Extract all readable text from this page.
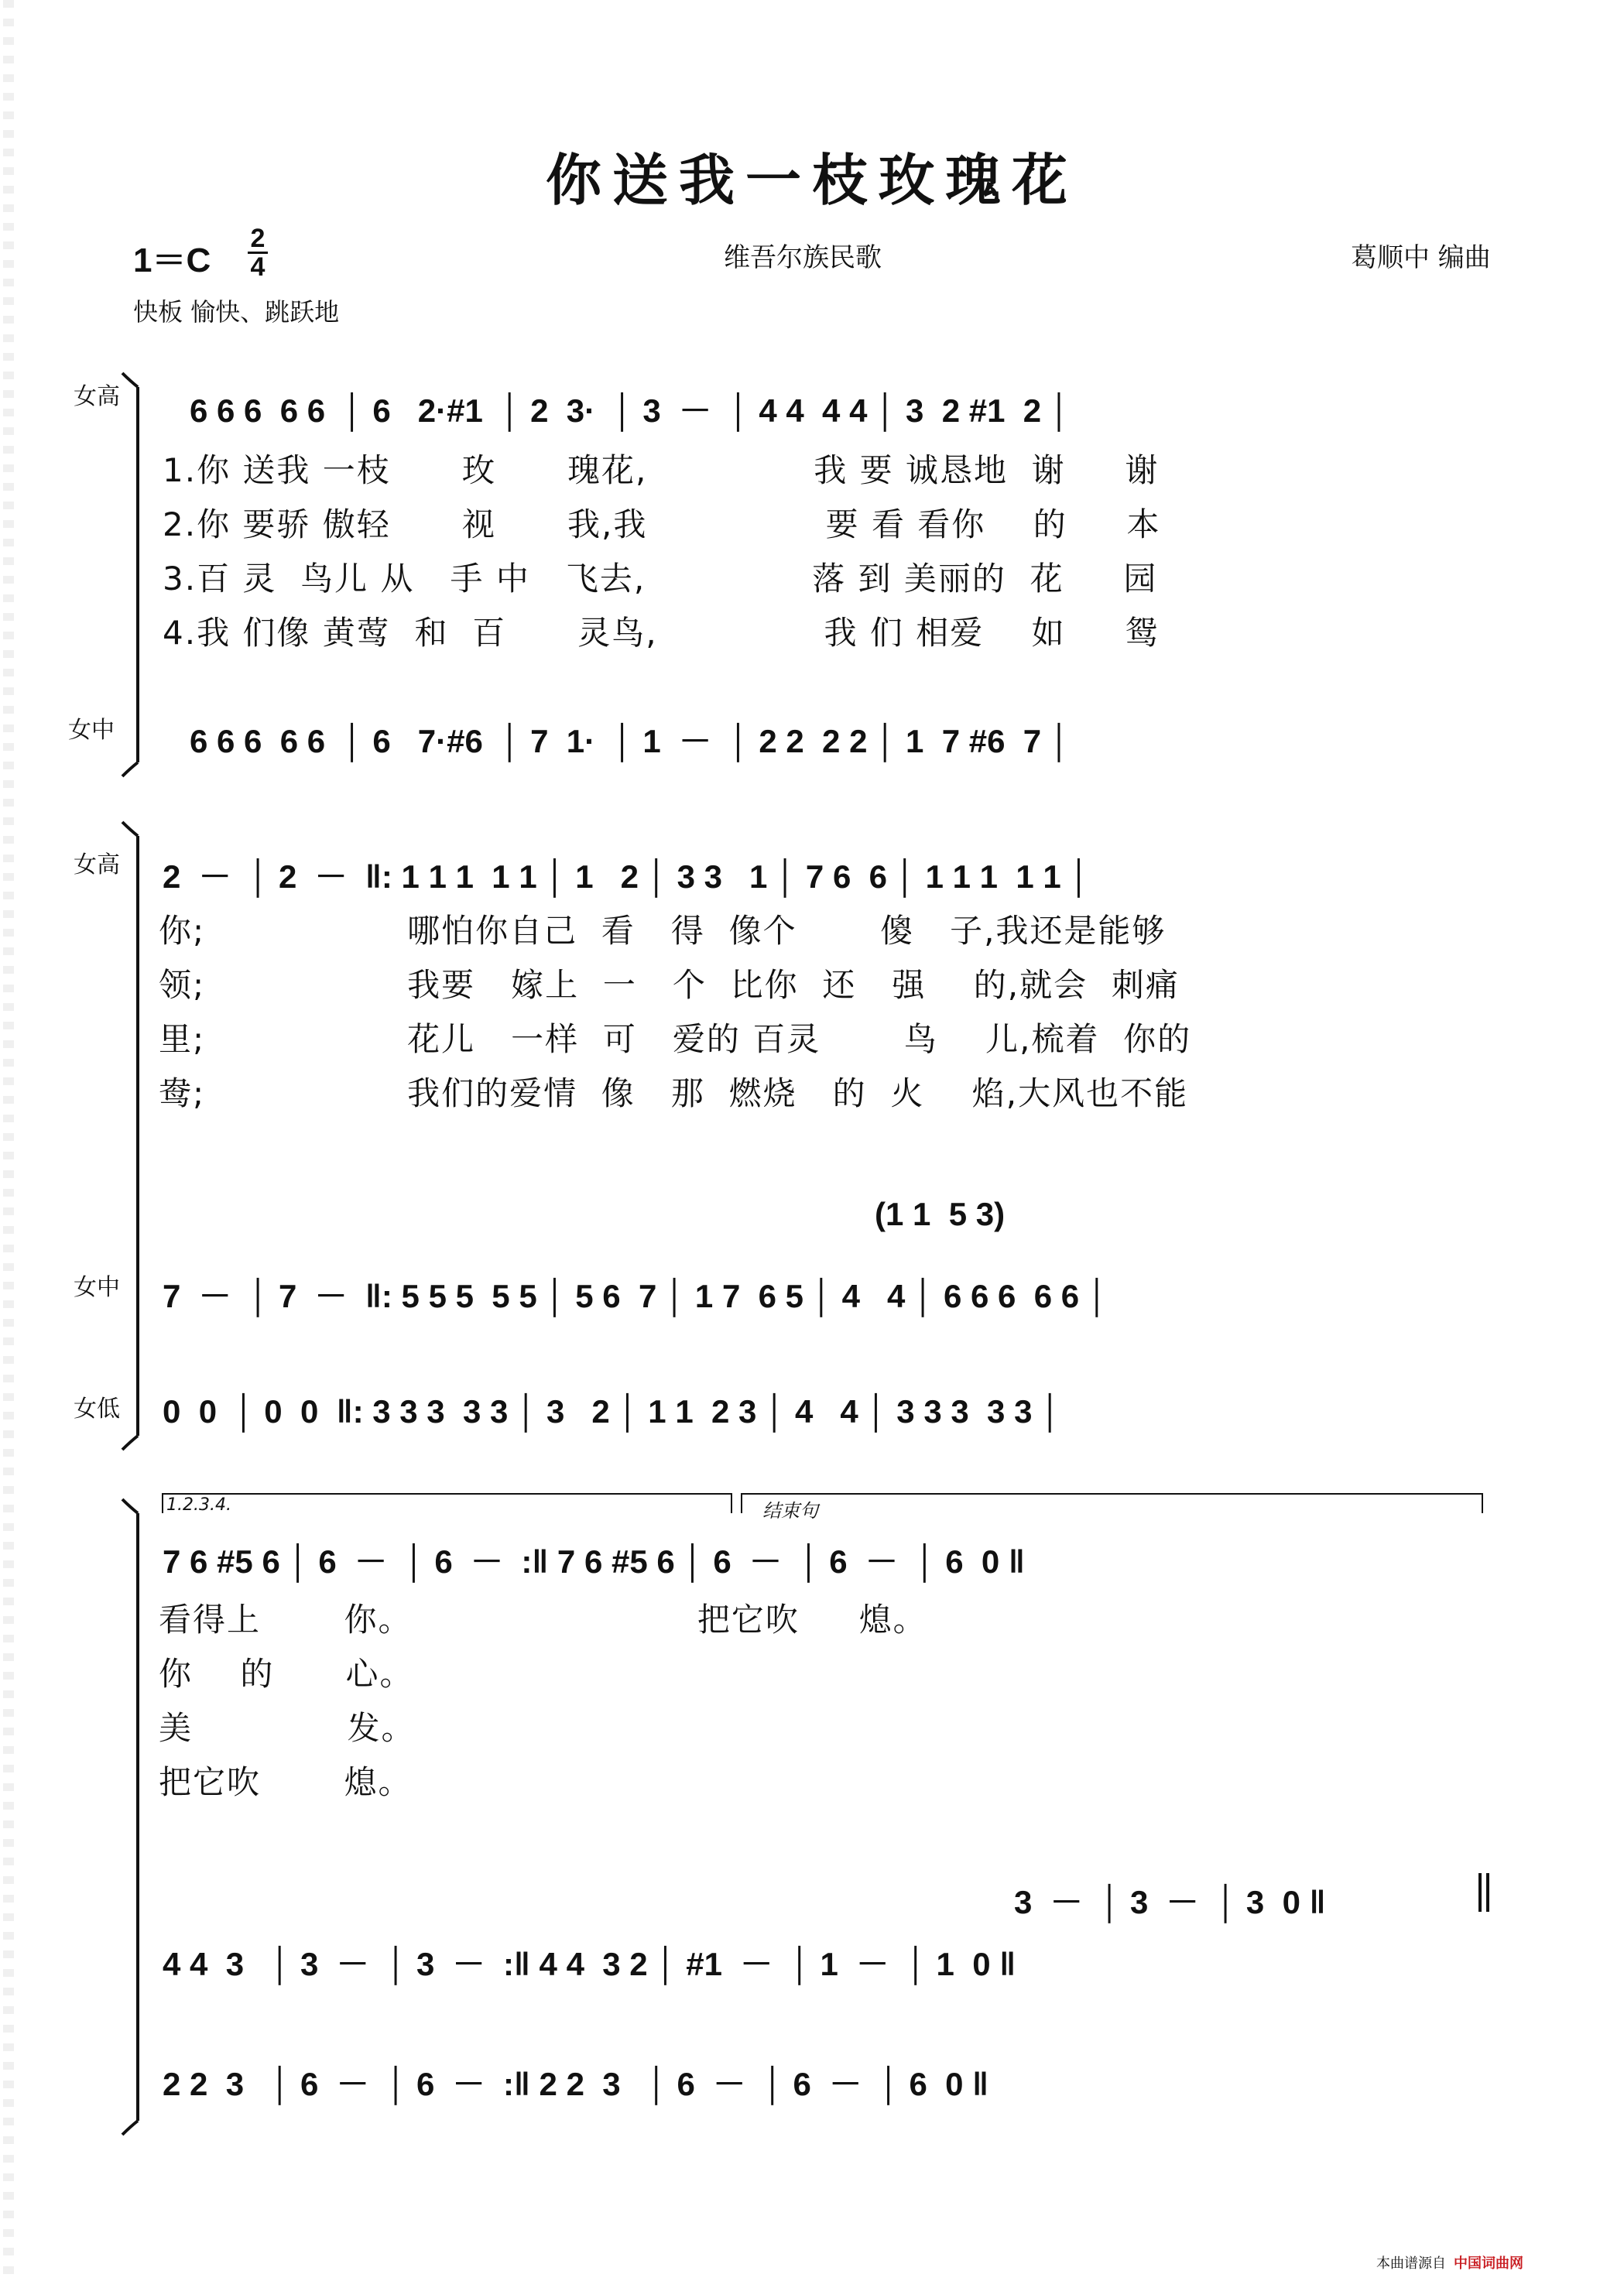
你送我一枝玫瑰花
1＝C
2
4
快板 愉快、跳跃地
维吾尔族民歌	葛顺中 编曲
女高 6 6 6  6 6  │ 6   2·#1  │ 2  3·  │ 3  －  │ 4 4  4 4 │ 3  2 #1  2 │
1.你 送我 一枝      玫      瑰花,              我 要 诚恳地  谢     谢
2.你 要骄 傲轻      视      我,我               要 看 看你    的     本
3.百 灵  鸟儿 从   手 中   飞去,              落 到 美丽的  花     园
4.我 们像 黄莺  和  百      灵鸟,              我 们 相爱    如     鸳
女中 6 6 6  6 6  │ 6   7·#6  │ 7  1·  │ 1  －  │ 2 2  2 2 │ 1  7 #6  7 │
女高 2  －  │ 2  －  ‖: 1 1 1  1 1 │ 1   2 │ 3 3   1 │ 7 6  6 │ 1 1 1  1 1 │
你;                 哪怕你自己  看   得  像个       傻   子,我还是能够
领;                 我要   嫁上  一   个  比你  还   强    的,就会  刺痛
里;                 花儿   一样  可   爱的 百灵       鸟    儿,梳着  你的
鸯;                 我们的爱情  像   那  燃烧   的  火    焰,大风也不能
(1 1  5 3)
女中 7  －  │ 7  －  ‖: 5 5 5  5 5 │ 5 6  7 │ 1 7  6 5 │ 4   4 │ 6 6 6  6 6 │
女低 0  0  │ 0  0  ‖: 3 3 3  3 3 │ 3   2 │ 1 1  2 3 │ 4   4 │ 3 3 3  3 3 │
1.2.3.4.	结束句
7 6 #5 6 │ 6  －  │ 6  －  :‖ 7 6 #5 6 │ 6  －  │ 6  －  │ 6  0 ‖
看得上       你。                        把它吹     熄。
你    的      心。
美             发。
把它吹       熄。
3  －  │ 3  －  │ 3  0 ‖
4 4  3   │ 3  －  │ 3  －  :‖ 4 4  3 2 │ #1  －  │ 1  －  │ 1  0 ‖
2 2  3   │ 6  －  │ 6  －  :‖ 2 2  3   │ 6  －  │ 6  －  │ 6  0 ‖
本曲谱源自 中国词曲网
